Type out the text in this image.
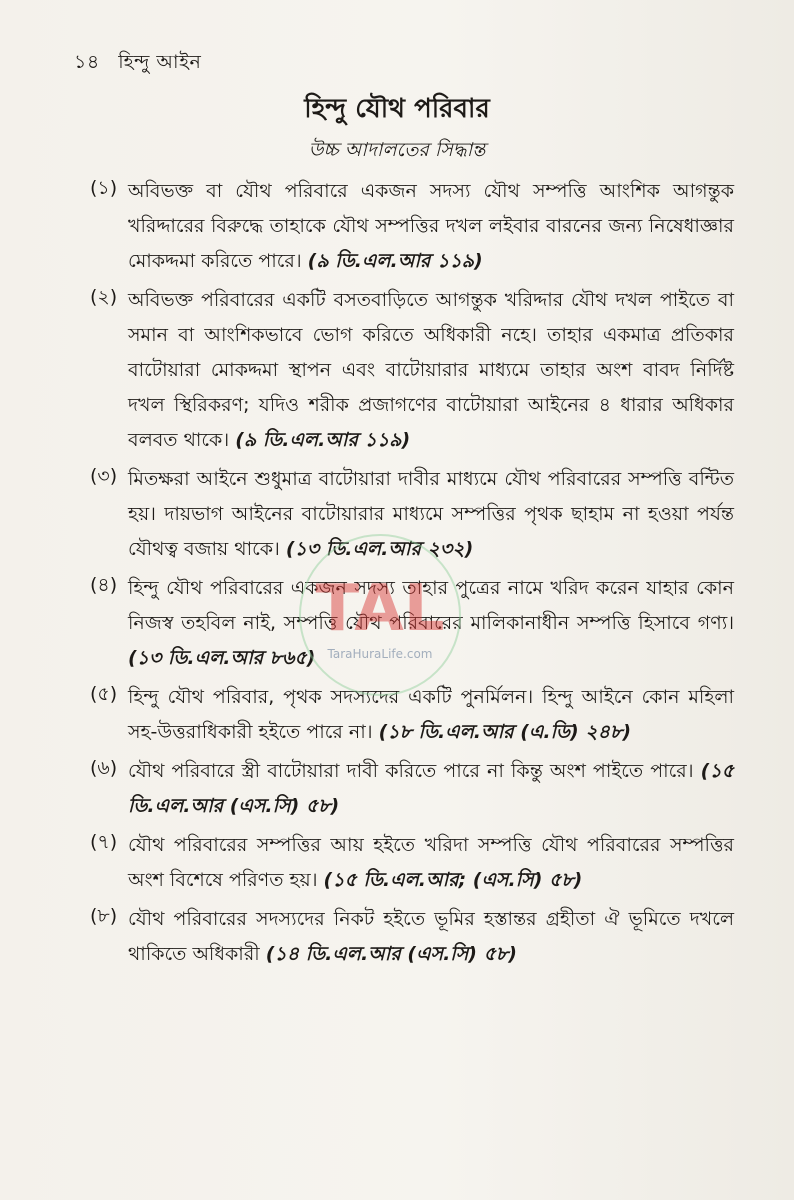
১৪ হিন্দু আইন
হিন্দু যৌথ পরিবার
উচ্চ আদালতের সিদ্ধান্ত
(১) অবিভক্ত বা যৌথ পরিবারে একজন সদস্য যৌথ সম্পত্তি আংশিক আগন্তুক খরিদ্দারের বিরুদ্ধে তাহাকে যৌথ সম্পত্তির দখল লইবার বারনের জন্য নিষেধাজ্ঞার মোকদ্দমা করিতে পারে। (৯ ডি.এল.আর ১১৯)
(২) অবিভক্ত পরিবারের একটি বসতবাড়িতে আগন্তুক খরিদ্দার যৌথ দখল পাইতে বা সমান বা আংশিকভাবে ভোগ করিতে অধিকারী নহে। তাহার একমাত্র প্রতিকার বাটোয়ারা মোকদ্দমা স্থাপন এবং বাটোয়ারার মাধ্যমে তাহার অংশ বাবদ নির্দিষ্ট দখল স্থিরিকরণ; যদিও শরীক প্রজাগণের বাটোয়ারা আইনের ৪ ধারার অধিকার বলবত থাকে। (৯ ডি.এল.আর ১১৯)
(৩) মিতক্ষরা আইনে শুধুমাত্র বাটোয়ারা দাবীর মাধ্যমে যৌথ পরিবারের সম্পত্তি বন্টিত হয়। দায়ভাগ আইনের বাটোয়ারার মাধ্যমে সম্পত্তির পৃথক ছাহাম না হওয়া পর্যন্ত যৌথত্ব বজায় থাকে। (১৩ ডি.এল.আর ২৩২)
(৪) হিন্দু যৌথ পরিবারের একজন সদস্য তাহার পুত্রের নামে খরিদ করেন যাহার কোন নিজস্ব তহবিল নাই, সম্পত্তি যৌথ পরিবারের মালিকানাধীন সম্পত্তি হিসাবে গণ্য। (১৩ ডি.এল.আর ৮৬৫)
(৫) হিন্দু যৌথ পরিবার, পৃথক সদস্যদের একটি পুনর্মিলন। হিন্দু আইনে কোন মহিলা সহ-উত্তরাধিকারী হইতে পারে না। (১৮ ডি.এল.আর (এ.ডি) ২৪৮)
(৬) যৌথ পরিবারে স্ত্রী বাটোয়ারা দাবী করিতে পারে না কিন্তু অংশ পাইতে পারে। (১৫ ডি.এল.আর (এস.সি) ৫৮)
(৭) যৌথ পরিবারের সম্পত্তির আয় হইতে খরিদা সম্পত্তি যৌথ পরিবারের সম্পত্তির অংশ বিশেষে পরিণত হয়। (১৫ ডি.এল.আর; (এস.সি) ৫৮)
(৮) যৌথ পরিবারের সদস্যদের নিকট হইতে ভূমির হস্তান্তর গ্রহীতা ঐ ভূমিতে দখলে থাকিতে অধিকারী (১৪ ডি.এল.আর (এস.সি) ৫৮)
TAL
TaraHuraLife.com
